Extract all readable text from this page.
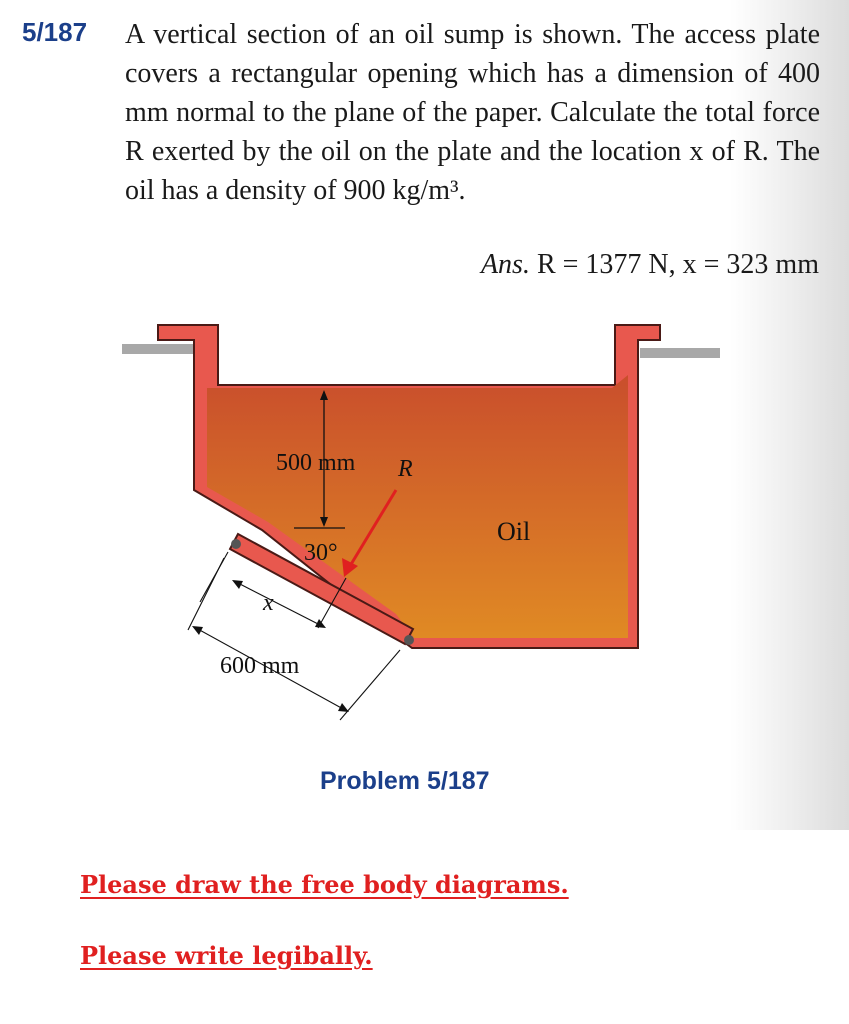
5/187 A vertical section of an oil sump is shown. The access plate covers a rectangular opening which has a dimension of 400 mm normal to the plane of the paper. Calculate the total force R exerted by the oil on the plate and the location x of R. The oil has a density of 900 kg/m³.
Ans. R = 1377 N, x = 323 mm
500 mm R
30°
Oil
x
600 mm
Problem 5/187
Please draw the free body diagrams.
Please write legibally.
